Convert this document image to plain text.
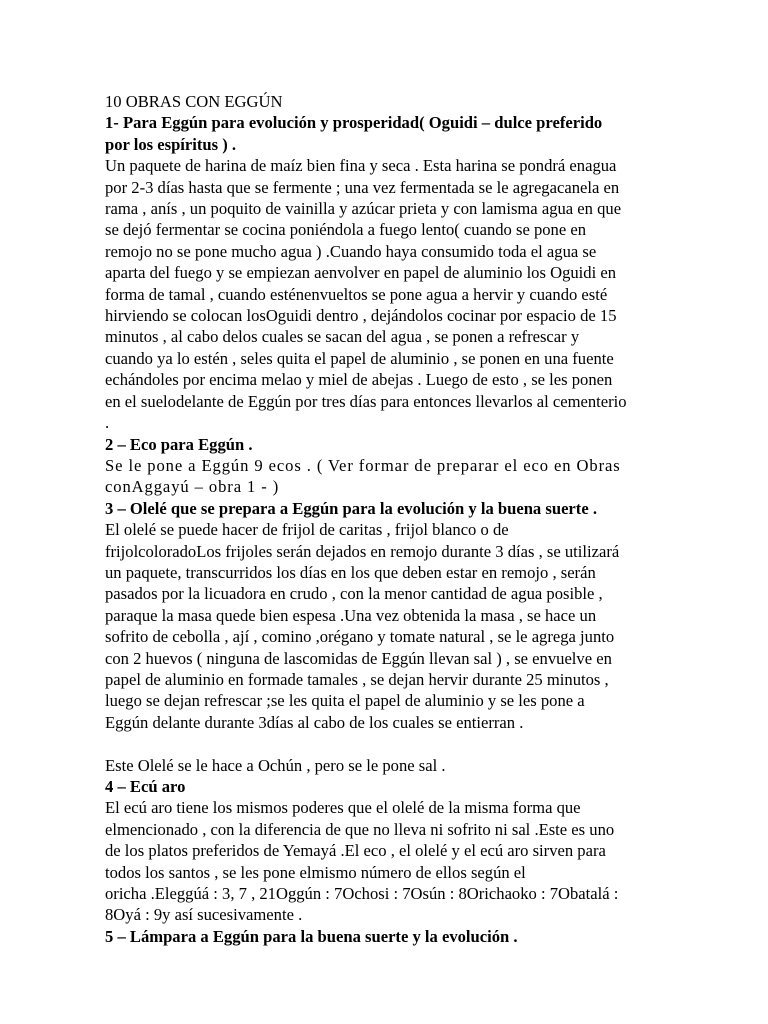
10 OBRAS CON EGGÚN

1- Para Eggún para evolución y prosperidad( Oguidi – dulce preferido

por los espíritus ) .

Un paquete de harina de maíz bien fina y seca . Esta harina se pondrá enagua

por 2-3 días hasta que se fermente ; una vez fermentada se le agregacanela en

rama , anís , un poquito de vainilla y azúcar prieta y con lamisma agua en que

se dejó fermentar se cocina poniéndola a fuego lento( cuando se pone en

remojo no se pone mucho agua ) .Cuando haya consumido toda el agua se

aparta del fuego y se empiezan aenvolver en papel de aluminio los Oguidi en

forma de tamal , cuando esténenvueltos se pone agua a hervir y cuando esté

hirviendo se colocan losOguidi dentro , dejándolos cocinar por espacio de 15

minutos , al cabo delos cuales se sacan del agua , se ponen a refrescar y

cuando ya lo estén , seles quita el papel de aluminio , se ponen en una fuente

echándoles por encima melao y miel de abejas . Luego de esto , se les ponen

en el suelodelante de Eggún por tres días para entonces llevarlos al cementerio

.

2 – Eco para Eggún .

Se le pone a Eggún 9 ecos . ( Ver formar de preparar el eco en Obras

conAggayú – obra 1 - )

3 – Olelé que se prepara a Eggún para la evolución y la buena suerte .

El olelé se puede hacer de frijol de caritas , frijol blanco o de

frijolcoloradoLos frijoles serán dejados en remojo durante 3 días , se utilizará

un paquete, transcurridos los días en los que deben estar en remojo , serán

pasados por la licuadora en crudo , con la menor cantidad de agua posible ,

paraque la masa quede bien espesa .Una vez obtenida la masa , se hace un

sofrito de cebolla , ají , comino ,orégano y tomate natural , se le agrega junto

con 2 huevos ( ninguna de lascomidas de Eggún llevan sal ) , se envuelve en

papel de aluminio en formade tamales , se dejan hervir durante 25 minutos ,

luego se dejan refrescar ;se les quita el papel de aluminio y se les pone a

Eggún delante durante 3días al cabo de los cuales se entierran .

Este Olelé se le hace a Ochún , pero se le pone sal .

4 – Ecú aro

El ecú aro tiene los mismos poderes que el olelé de la misma forma que

elmencionado , con la diferencia de que no lleva ni sofrito ni sal .Este es uno

de los platos preferidos de Yemayá .El eco , el olelé y el ecú aro sirven para

todos los santos , se les pone elmismo número de ellos según el

oricha .Eleggúá : 3, 7 , 21Oggún : 7Ochosi : 7Osún : 8Orichaoko : 7Obatalá :

8Oyá : 9y así sucesivamente .

5 – Lámpara a Eggún para la buena suerte y la evolución .
